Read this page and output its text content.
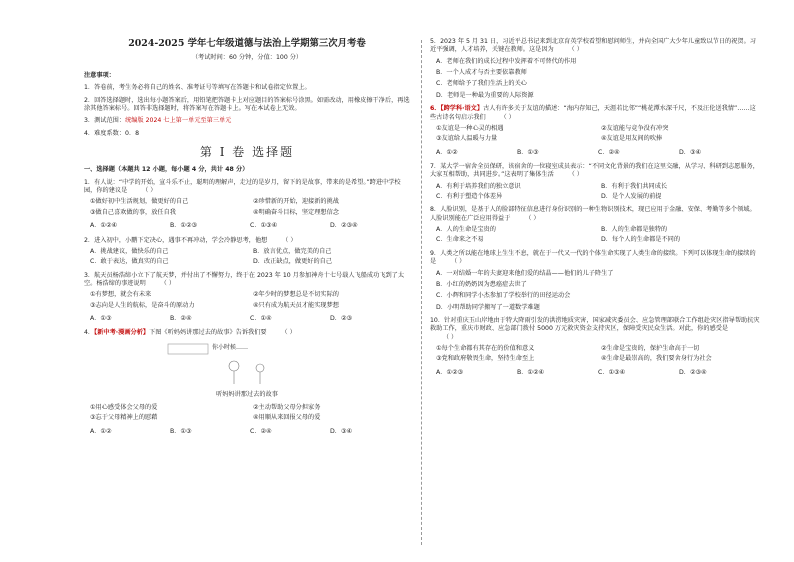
2024-2025 学年七年级道德与法治上学期第三次月考卷
（考试时间：60 分钟，分值：100 分）
注意事项：
1．答卷前，考生务必将自己的姓名、准考证号等填写在答题卡和试卷指定位置上。
2．回答选择题时，选出每小题答案后，用铅笔把答题卡上对应题目的答案标号涂黑。如需改动，用橡皮擦干净后，再选涂其他答案标号。回答非选择题时，将答案写在答题卡上。写在本试卷上无效。
3．测试范围：统编版 2024 七上第一单元至第三单元
4．难度系数：0．8
第 Ⅰ 卷 选择题
一、选择题（本题共 12 小题，每小题 4 分，共计 48 分）
1．有人说：“中学的开始，宣斗乐不止，聪明的理解声，走过的是岁月，留下的是故事，带来的是希望。”跨进中学校园，你的建议是 （ ）
①做好初中生活规划，做更好的自己	②珍惜新的开始，迎接新的挑战
③做自己喜欢做的事，放任自我	④明确奋斗目标，坚定理想信念
A．①②④	B．①②③	C．①③④	D．②③④
2．进入初中，小鹏下定决心，遇事不再冲动，学会冷静思考，他想 （ ）
A．挑战建议，做快乐的自己	B．放言优点，做完美的自己
C．敢于表达，做真实的自己	D．改正缺点，做更好的自己
3．航天员杨浩缔小立下了航天梦，并付出了不懈努力，终于在 2023 年 10 月参加神舟十七号载人飞船成功飞到了太空。杨浩缔的事迹说明 （ ）
①有梦想，就会有未来	②年少时的梦想总是不切实际的
③志向是人生的航标，是奋斗的原动力	④只有成为航天员才能实现梦想
A．①③	B．②④	C．①④	D．②③
4．【新中考·漫画分析】下图《听妈妈讲那过去的故事》告诉我们要 （ ）
你小时候……
听妈妈讲那过去的故事
①用心感受体会父母的爱	②主动帮助父母分担家务
③忘于父母精神上的慰藉	④用顺从来回报父母的爱
A．①②	B．①③	C．②④	D．③④
5．2023 年 5 月 31 日，习近平总书记来到北京育英学校看望和慰问师生，并向全国广大少年儿童致以节日的祝贺。习近平强调，人才培养，关键在教师。这是因为 （ ）
A．老师在我们的成长过程中发挥着不可替代的作用
B．一个人成才与否主要依靠教师
C．老师给予了我们生活上的关心
D．老师是一种最为重要的人际资源
6．【跨学科·语文】古人有许多关于友谊的描述：“海内存知己，天涯若比邻”“桃花潭水深千尺，不及汪伦送我情”……这些古诗名句启示我们 （ ）
①友谊是一种心灵的相遇	②友谊能与竞争没有冲突
③友谊给人温暖与力量	④友谊是用友间的吹捧
A．①②	B．①③	C．②④	D．③④
7．某大学一宿舍全员保研，该宿舍的一位寝室成员表示：“不同文化背景的我们在这里交融，从学习、科研到志愿服务，大家互相帮助，共同进步。”这表明了集体生活 （ ）
A．有利于培养我们的独立意识	B．有利于我们共同成长
C．有利于塑造个体差异	D．是个人发展的前提
8．人脸识别，是基于人的脸部特征信息进行身份识别的一种生物识别技术，现已应用于金融、安保、考勤等多个领域。人脸识别能在广泛应用得益于 （ ）
A．人的生命是宝贵的	B．人的生命都是独特的
C．生命来之不易	D．每个人的生命都是不同的
9．人类之所以能在地球上生生不息，就在于一代又一代的个体生命实现了人类生命的接续。下列可以体现生命的接续的是 （ ）
A．一对结婚一年的夫妻迎来他们爱的结晶——他们的儿子降生了
B．小红的奶奶因为患癌症去世了
C．小辉和同学小杰参加了学校举行的田径运动会
D．小明帮助同学搬写了一道数学难题
10．针对重庆玉山岸地由于特大降雨引发的洪涝地质灾害，国家减灾委员会、应急管理部联合工作组赴灾区指导帮助抗灾救助工作，重庆市财政、应急部门拨付 5000 万元救灾资金支持灾区，保障受灾民众生活。对此，你的感受是 （ ）
①每个生命都有其存在的价值和意义	②生命是宝贵的，保护生命高于一切
③党和政府敬畏生命，坚持生命至上	④生命是最崇高的，我们要舍身行为社会
A．①②③	B．①②④	C．①③④	D．②③④
